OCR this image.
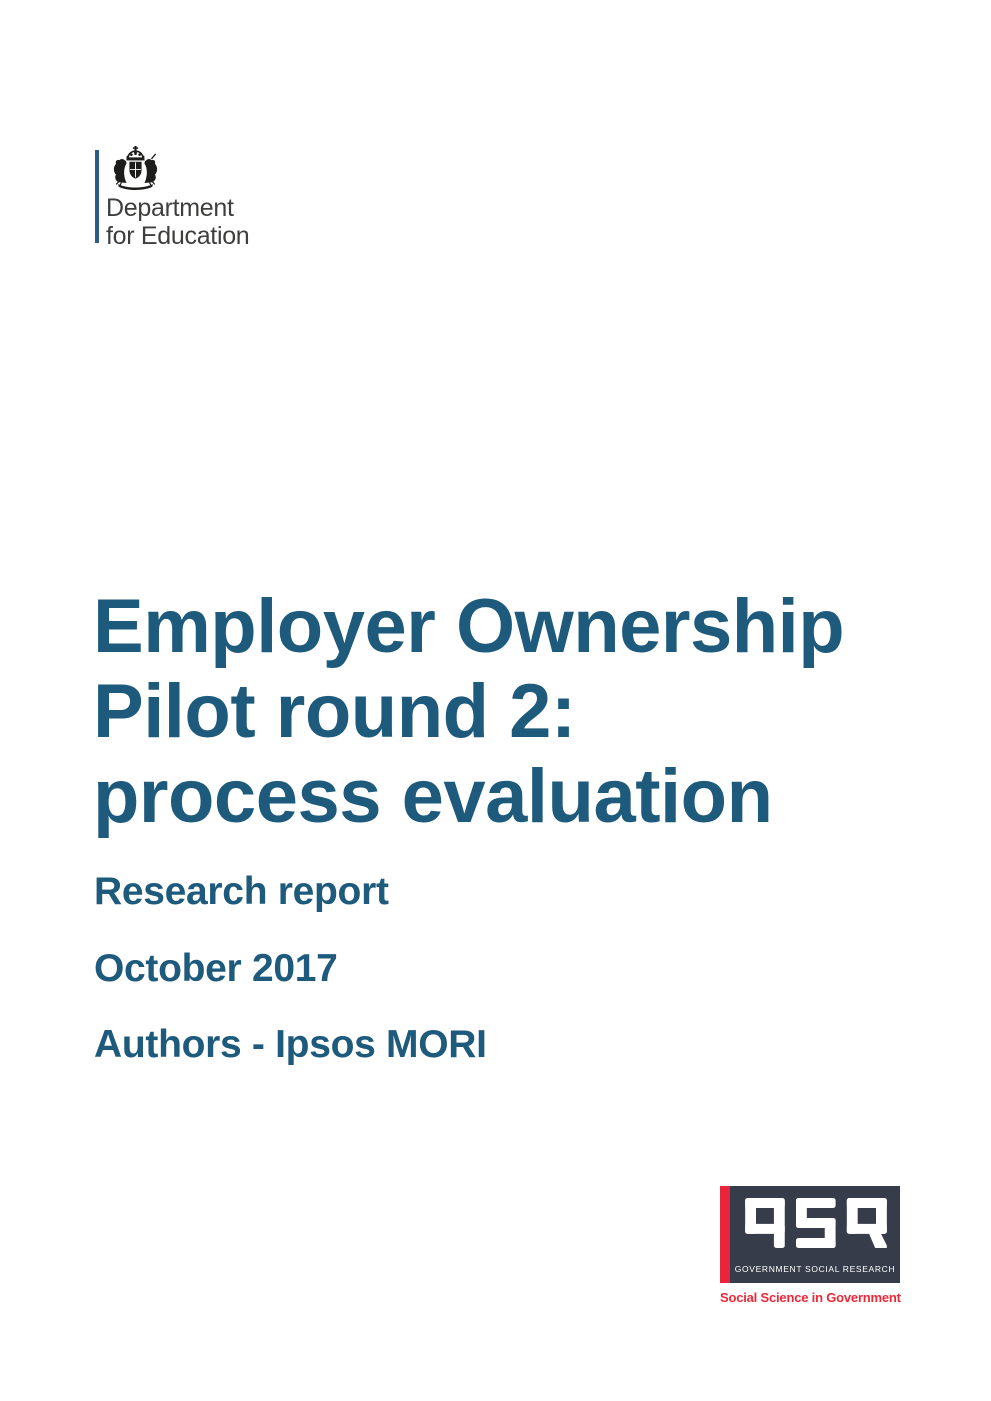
Department
for Education
Employer Ownership
Pilot round 2:
process evaluation
Research report
October 2017
Authors - Ipsos MORI
GOVERNMENT SOCIAL RESEARCH
Social Science in Government
